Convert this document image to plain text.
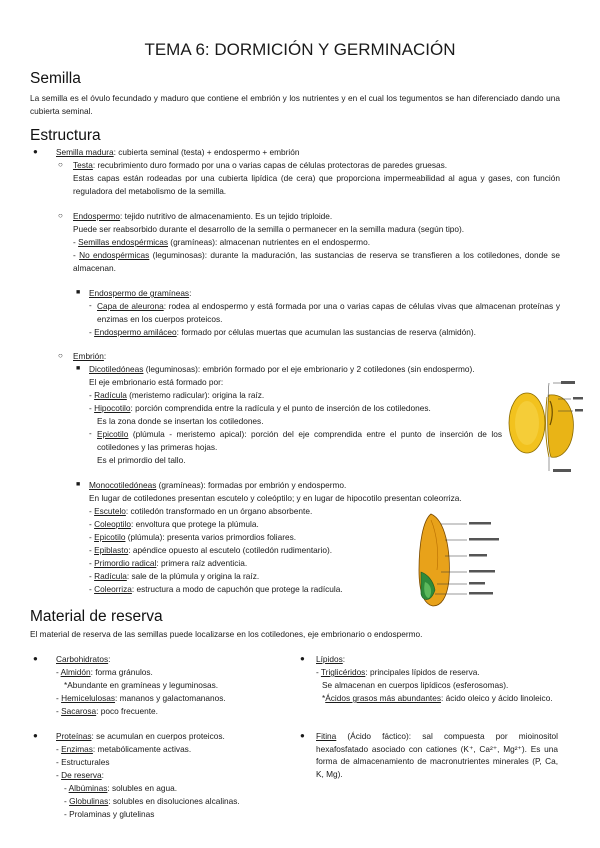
TEMA 6: DORMICIÓN Y GERMINACIÓN
Semilla
La semilla es el óvulo fecundado y maduro que contiene el embrión y los nutrientes y en el cual los tegumentos se han diferenciado dando una cubierta seminal.
Estructura
● Semilla madura: cubierta seminal (testa) + endospermo + embrión
○ Testa: recubrimiento duro formado por una o varias capas de células protectoras de paredes gruesas.
Estas capas están rodeadas por una cubierta lipídica (de cera) que proporciona impermeabilidad al agua y gases, con función reguladora del metabolismo de la semilla.
○ Endospermo: tejido nutritivo de almacenamiento. Es un tejido triploide.
Puede ser reabsorbido durante el desarrollo de la semilla o permanecer en la semilla madura (según tipo).
- Semillas endospérmicas (gramíneas): almacenan nutrientes en el endospermo.
- No endospérmicas (leguminosas): durante la maduración, las sustancias de reserva se transfieren a los cotiledones, donde se almacenan.
■ Endospermo de gramíneas:
- Capa de aleurona: rodea al endospermo y está formada por una o varias capas de células vivas que almacenan proteínas y enzimas en los cuerpos proteicos.
- Endospermo amiláceo: formado por células muertas que acumulan las sustancias de reserva (almidón).
○ Embrión:
■ Dicotiledóneas (leguminosas): embrión formado por el eje embrionario y 2 cotiledones (sin endospermo).
El eje embrionario está formado por:
- Radícula (meristemo radicular): origina la raíz.
- Hipocotilo: porción comprendida entre la radícula y el punto de inserción de los cotiledones.
Es la zona donde se insertan los cotiledones.
- Epicotilo (plúmula - meristemo apical): porción del eje comprendida entre el punto de inserción de los cotiledones y las primeras hojas.
Es el primordio del tallo.
■ Monocotiledóneas (gramíneas): formadas por embrión y endospermo.
En lugar de cotiledones presentan escutelo y coleóptilo; y en lugar de hipocotilo presentan coleorriza.
- Escutelo: cotiledón transformado en un órgano absorbente.
- Coleoptilo: envoltura que protege la plúmula.
- Epicotilo (plúmula): presenta varios primordios foliares.
- Epiblasto: apéndice opuesto al escutelo (cotiledón rudimentario).
- Primordio radical: primera raíz adventicia.
- Radícula: sale de la plúmula y origina la raíz.
- Coleorriza: estructura a modo de capuchón que protege la radícula.
Material de reserva
El material de reserva de las semillas puede localizarse en los cotiledones, eje embrionario o endospermo.
● Carbohidratos:
- Almidón: forma gránulos.
*Abundante en gramíneas y leguminosas.
- Hemicelulosas: mananos y galactomananos.
- Sacarosa: poco frecuente.
● Proteínas: se acumulan en cuerpos proteicos.
- Enzimas: metabólicamente activas.
- Estructurales
- De reserva:
- Albúminas: solubles en agua.
- Globulinas: solubles en disoluciones alcalinas.
- Prolaminas y glutelinas
● Lípidos:
- Triglicéridos: principales lípidos de reserva.
Se almacenan en cuerpos lipídicos (esferosomas).
*Ácidos grasos más abundantes: ácido oleico y ácido linoleico.
● Fitina (Ácido fáctico): sal compuesta por mioinositol hexafosfatado asociado con cationes (K⁺, Ca²⁺, Mg²⁺). Es una forma de almacenamiento de macronutrientes minerales (P, Ca, K, Mg).
